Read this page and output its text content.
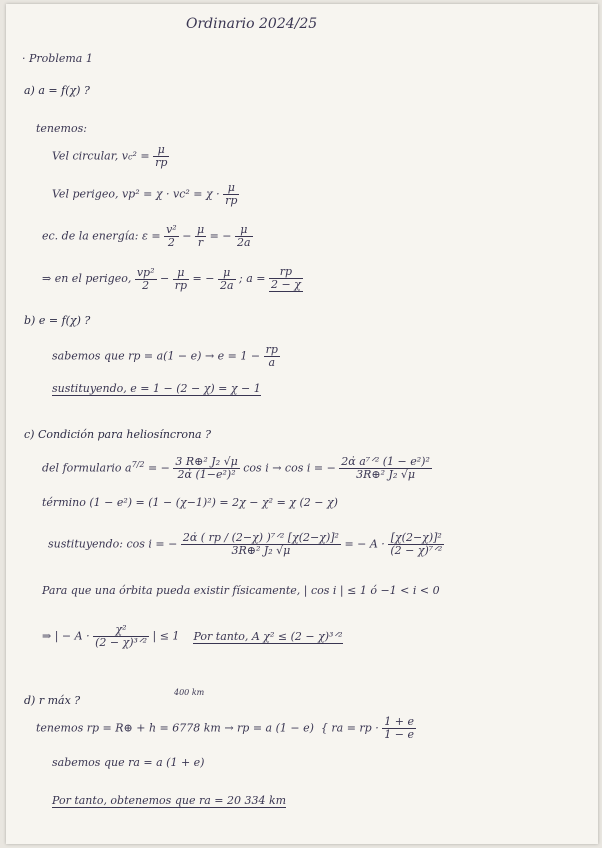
Ordinario 2024/25
· Problema 1
a) a = f(χ) ?
tenemos:
Vel circular, $vc^2 = \frac{\mu}{rp}$
Vel perigeo, $vp^2 = \chi \cdot vc^2 = \chi \cdot \frac{\mu}{rp}$
ec. de la energía: $\varepsilon = \frac{\text{v²}}{2} - \frac{\mu}{r}$ = − $\frac{\mu}{2a}$
⇒ en el perigeo, $\frac{\text{vp²}}{2} - \frac{\mu}{rp}$ = − $\frac{\mu}{2a}$ ; $a = \frac{rp}{2 - \chi}$
b) e = f(χ) ?
sabemos que rp = $a(1 - e) \to e = 1 - \frac{rp}{a}$
sustituyendo, e = 1 − (2 − χ) = χ − 1
c) Condición para heliosíncrona ?
del formulario $a^{7/2}$ = − $\frac{\text{3 R⊕² J₂ √μ}}{\text{2α̇ (1−e²)²}}$ cos i → cos i = − $\frac{\text{2α̇ a⁷ᐟ² (1 − e²)²}}{\text{3R⊕² J₂ √μ}}$
término (1 − e²) = (1 − (χ−1)²) = 2χ − χ² = χ (2 − χ)
sustituyendo: cos i = − $\frac{\text{2α̇ ( rp / (2−χ) )⁷ᐟ² [χ(2−χ)]²}}{\text{3R⊕² J₂ √μ}}$ = − $A \cdot \frac{\text{[χ(2−χ)]²}}{\text{(2 − χ)⁷ᐟ²}}$
Para que una órbita pueda existir físicamente, | cos i | ≤ 1 ó −1 < i < 0
⇒ | − $A \cdot \frac{\text{χ²}}{\text{(2 − χ)³ᐟ²}}$ | ≤ 1 Por tanto, A χ² ≤ (2 − χ)³ᐟ²
d) r máx ?
400 km
tenemos rp = R⊕ + h = 6778 km → rp = a (1 − e) { ra = rp · $\frac{1 + e}{1 - e}$
sabemos que ra = a (1 + e)
Por tanto, obtenemos que ra = 20 334 km
